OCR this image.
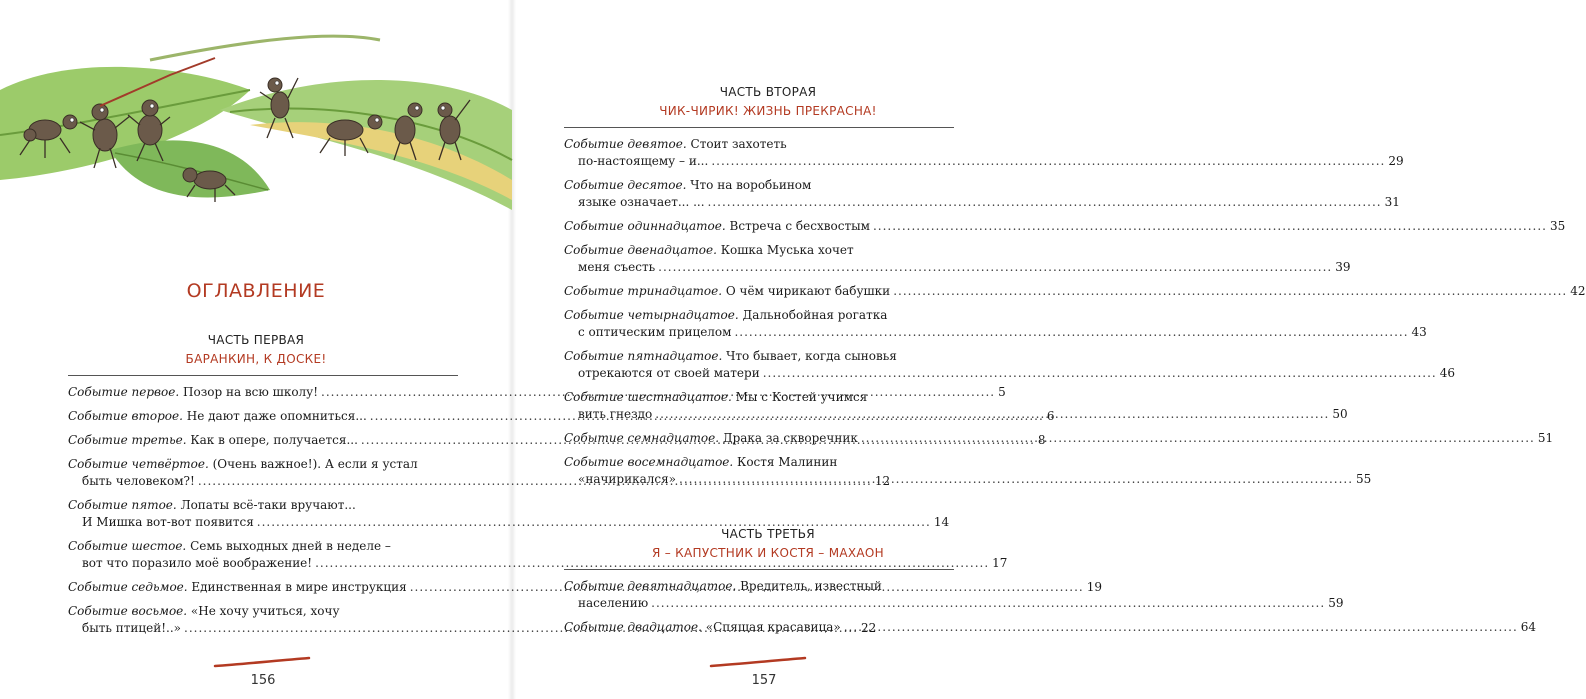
ОГЛАВЛЕНИЕ
ЧАСТЬ ПЕРВАЯ
БАРАНКИН, К ДОСКЕ!
Событие первое. Позор на всю школу! .....	5
Событие второе. Не дают даже опомниться... .....	6
Событие третье. Как в опере, получается... .....	8
Событие четвёртое. (Очень важное!). А если я устал
быть человеком?! .....	12
Событие пятое. Лопаты всё-таки вручают...
И Мишка вот-вот появится .....	14
Событие шестое. Семь выходных дней в неделе –
вот что поразило моё воображение! .....	17
Событие седьмое. Единственная в мире инструкция .....	19
Событие восьмое. «Не хочу учиться, хочу
быть птицей!..» .....	22
156
ЧАСТЬ ВТОРАЯ
ЧИК-ЧИРИК! ЖИЗНЬ ПРЕКРАСНА!
Событие девятое. Стоит захотеть
по-настоящему – и... .....	29
Событие десятое. Что на воробьином
языке означает... ... .....	31
Событие одиннадцатое. Встреча с бесхвостым .....	35
Событие двенадцатое. Кошка Муська хочет
меня съесть .....	39
Событие тринадцатое. О чём чирикают бабушки .....	42
Событие четырнадцатое. Дальнобойная рогатка
с оптическим прицелом .....	43
Событие пятнадцатое. Что бывает, когда сыновья
отрекаются от своей матери .....	46
Событие шестнадцатое. Мы с Костей учимся
вить гнездо .....	50
Событие семнадцатое. Драка за скворечник .....	51
Событие восемнадцатое. Костя Малинин
«начирикался» .....	55
ЧАСТЬ ТРЕТЬЯ
Я – КАПУСТНИК И КОСТЯ – МАХАОН
Событие девятнадцатое. Вредитель, известный
населению .....	59
Событие двадцатое. «Спящая красавица» .....	64
157
